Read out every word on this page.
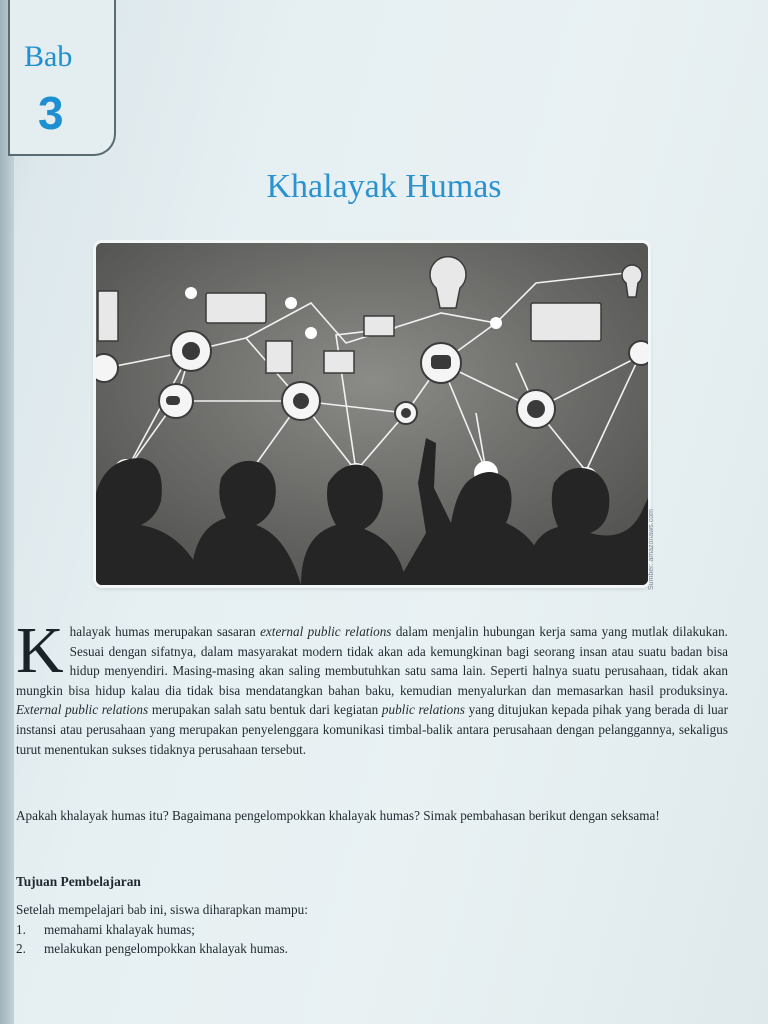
Bab
3
Khalayak Humas
Sumber: amazonaws.com
K halayak humas merupakan sasaran external public relations dalam menjalin hubungan kerja sama yang mutlak dilakukan. Sesuai dengan sifatnya, dalam masyarakat modern tidak akan ada kemungkinan bagi seorang insan atau suatu badan bisa hidup menyendiri. Masing-masing akan saling membutuhkan satu sama lain. Seperti halnya suatu perusahaan, tidak akan mungkin bisa hidup kalau dia tidak bisa mendatangkan bahan baku, kemudian menyalurkan dan memasarkan hasil produksinya. External public relations merupakan salah satu bentuk dari kegiatan public relations yang ditujukan kepada pihak yang berada di luar instansi atau perusahaan yang merupakan penyelenggara komunikasi timbal-balik antara perusahaan dengan pelanggannya, sekaligus turut menentukan sukses tidaknya perusahaan tersebut.
Apakah khalayak humas itu? Bagaimana pengelompokkan khalayak humas? Simak pembahasan berikut dengan seksama!
Tujuan Pembelajaran
Setelah mempelajari bab ini, siswa diharapkan mampu:
1.	memahami khalayak humas;
2.	melakukan pengelompokkan khalayak humas.
